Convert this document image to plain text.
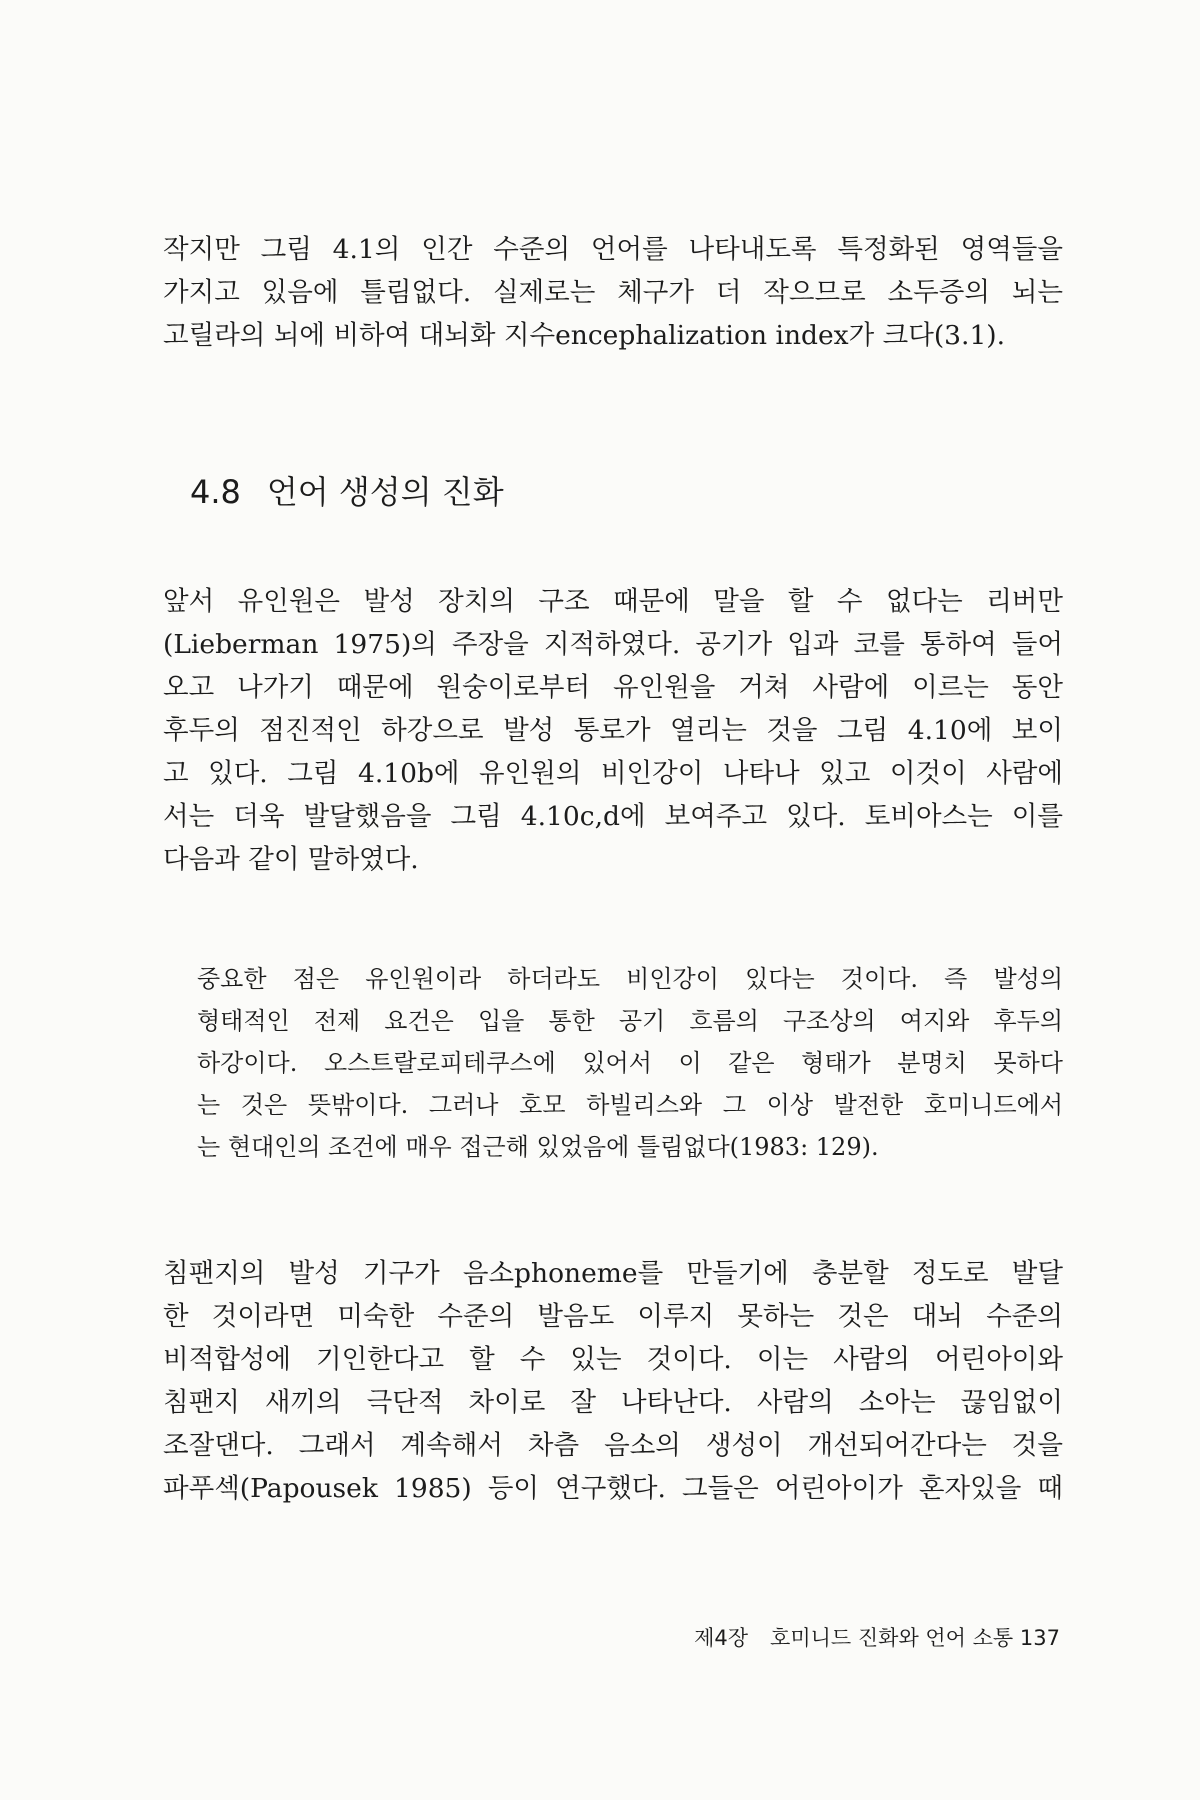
작지만 그림 4.1의 인간 수준의 언어를 나타내도록 특정화된 영역들을
가지고 있음에 틀림없다. 실제로는 체구가 더 작으므로 소두증의 뇌는
고릴라의 뇌에 비하여 대뇌화 지수encephalization index가 크다(3.1).
4.8 언어 생성의 진화
앞서 유인원은 발성 장치의 구조 때문에 말을 할 수 없다는 리버만
(Lieberman 1975)의 주장을 지적하였다. 공기가 입과 코를 통하여 들어
오고 나가기 때문에 원숭이로부터 유인원을 거쳐 사람에 이르는 동안
후두의 점진적인 하강으로 발성 통로가 열리는 것을 그림 4.10에 보이
고 있다. 그림 4.10b에 유인원의 비인강이 나타나 있고 이것이 사람에
서는 더욱 발달했음을 그림 4.10c,d에 보여주고 있다. 토비아스는 이를
다음과 같이 말하였다.
중요한 점은 유인원이라 하더라도 비인강이 있다는 것이다. 즉 발성의
형태적인 전제 요건은 입을 통한 공기 흐름의 구조상의 여지와 후두의
하강이다. 오스트랄로피테쿠스에 있어서 이 같은 형태가 분명치 못하다
는 것은 뜻밖이다. 그러나 호모 하빌리스와 그 이상 발전한 호미니드에서
는 현대인의 조건에 매우 접근해 있었음에 틀림없다(1983: 129).
침팬지의 발성 기구가 음소phoneme를 만들기에 충분할 정도로 발달
한 것이라면 미숙한 수준의 발음도 이루지 못하는 것은 대뇌 수준의
비적합성에 기인한다고 할 수 있는 것이다. 이는 사람의 어린아이와
침팬지 새끼의 극단적 차이로 잘 나타난다. 사람의 소아는 끊임없이
조잘댄다. 그래서 계속해서 차츰 음소의 생성이 개선되어간다는 것을
파푸섹(Papousek 1985) 등이 연구했다. 그들은 어린아이가 혼자있을 때
제4장 호미니드 진화와 언어 소통 137
